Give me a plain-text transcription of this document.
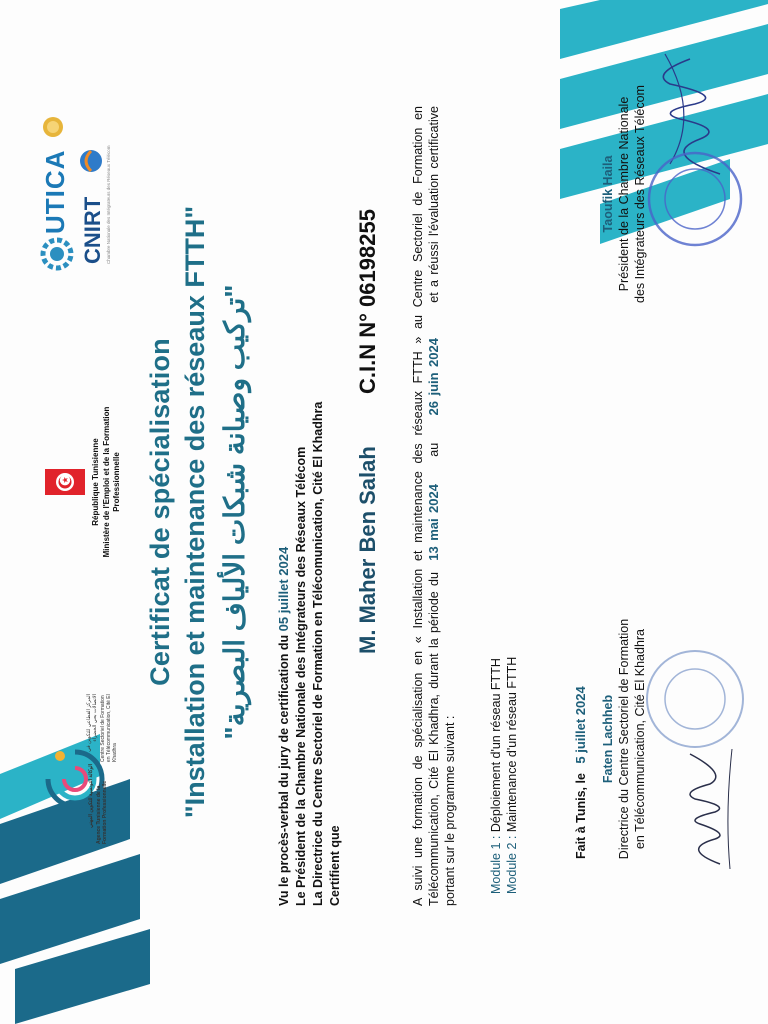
الوكالة التونسية للتكوين المهني Agence Tunisienne de la Formation Professionnelle
المركز القطاعي للتكوين في الاتصالات بحي الخضراء Centre Sectoriel de Formation en Télécommunication, Cité El Khadhra
République Tunisienne Ministère de l'Emploi et de la Formation Professionnelle
UTICA CNIRT Chambre Nationale des Intégrateurs des Réseaux Télécom
Certificat de spécialisation "Installation et maintenance des réseaux FTTH" "تركيب وصيانة شبكات الألياف البصرية"
Vu le procès-verbal du jury de certification du 05 juillet 2024 Le Président de la Chambre Nationale des Intégrateurs des Réseaux Télécom La Directrice du Centre Sectoriel de Formation en Télécomunication, Cité El Khadhra Certifient que
M. Maher Ben Salah
C.I.N N° 06198255 A suivi une formation de spécialisation en « Installation et maintenance des réseaux FTTH » au Centre Sectoriel de Formation en Télécommunication, Cité El Khadhra, durant la période du 13 mai 2024 au 26 juin 2024 et a réussi l'évaluation certificative portant sur le programme suivant :	Module 1 : Déploiement d'un réseau FTTH
Module 2 : Maintenance d'un réseau FTTH	Fait à Tunis, le 5 juillet 2024 Faten Lachheb Directrice du Centre Sectoriel de Formation en Télécommunication, Cité El Khadhra
Taoufik Haila Président de la Chambre Nationale des Intégrateurs des Réseaux Télécom
